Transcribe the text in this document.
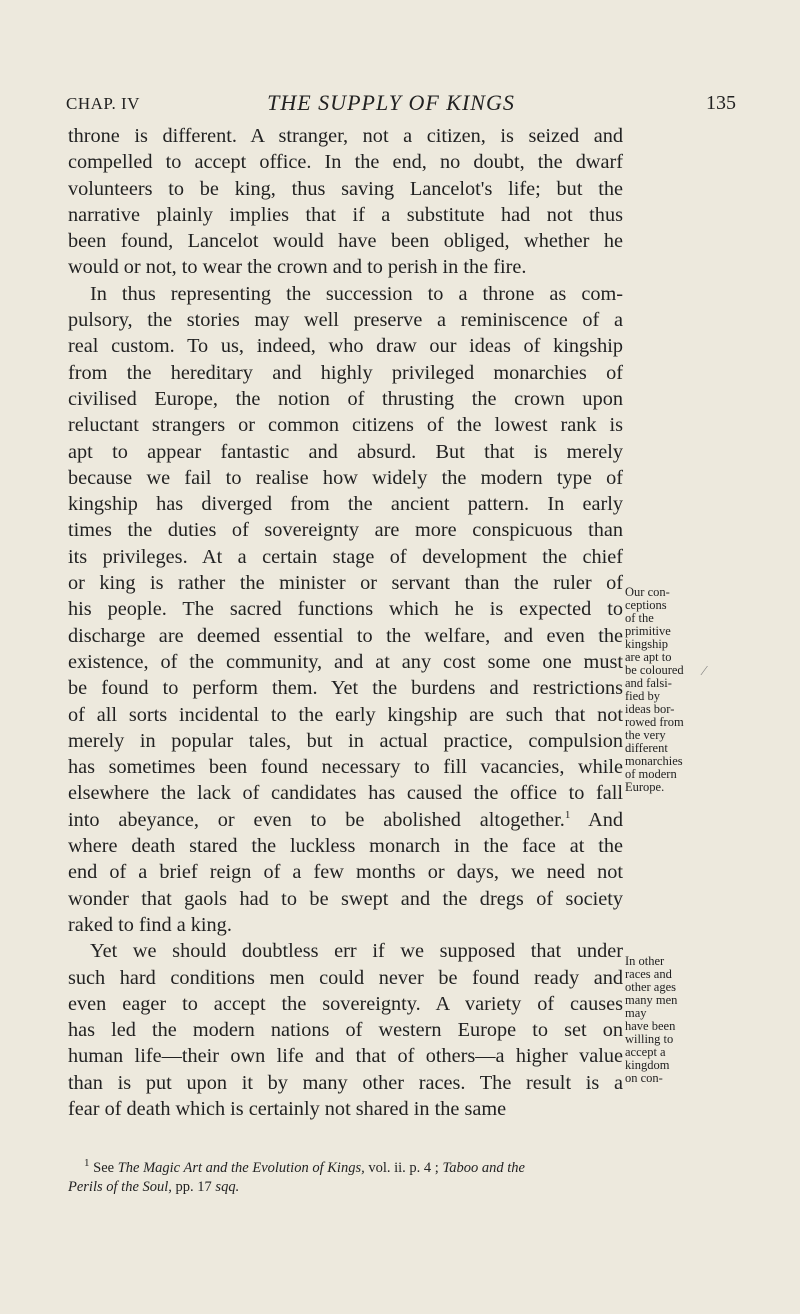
CHAP. IV	THE SUPPLY OF KINGS	135
throne is different. A stranger, not a citizen, is seized and
compelled to accept office. In the end, no doubt, the dwarf
volunteers to be king, thus saving Lancelot's life; but the
narrative plainly implies that if a substitute had not thus
been found, Lancelot would have been obliged, whether he
would or not, to wear the crown and to perish in the fire.
In thus representing the succession to a throne as com-
pulsory, the stories may well preserve a reminiscence of a
real custom. To us, indeed, who draw our ideas of kingship
from the hereditary and highly privileged monarchies of
civilised Europe, the notion of thrusting the crown upon
reluctant strangers or common citizens of the lowest rank is
apt to appear fantastic and absurd. But that is merely
because we fail to realise how widely the modern type of
kingship has diverged from the ancient pattern. In early
times the duties of sovereignty are more conspicuous than
its privileges. At a certain stage of development the chief
or king is rather the minister or servant than the ruler of
his people. The sacred functions which he is expected to
discharge are deemed essential to the welfare, and even the
existence, of the community, and at any cost some one must
be found to perform them. Yet the burdens and restrictions
of all sorts incidental to the early kingship are such that not
merely in popular tales, but in actual practice, compulsion
has sometimes been found necessary to fill vacancies, while
elsewhere the lack of candidates has caused the office to fall
into abeyance, or even to be abolished altogether.$^1$ And
where death stared the luckless monarch in the face at the
end of a brief reign of a few months or days, we need not
wonder that gaols had to be swept and the dregs of society
raked to find a king.
Yet we should doubtless err if we supposed that under
such hard conditions men could never be found ready and
even eager to accept the sovereignty. A variety of causes
has led the modern nations of western Europe to set on
human life—their own life and that of others—a higher value
than is put upon it by many other races. The result is a
fear of death which is certainly not shared in the same
Our con-
ceptions
of the
primitive
kingship
are apt to
be coloured
and falsi-
fied by
ideas bor-
rowed from
the very
different
monarchies
of modern
Europe.
In other
races and
other ages
many men
may
have been
willing to
accept a
kingdom
on con-
⁄
$^1$ See The Magic Art and the Evolution of Kings, vol. ii. p. 4 ; Taboo and the
Perils of the Soul, pp. 17 sqq.
